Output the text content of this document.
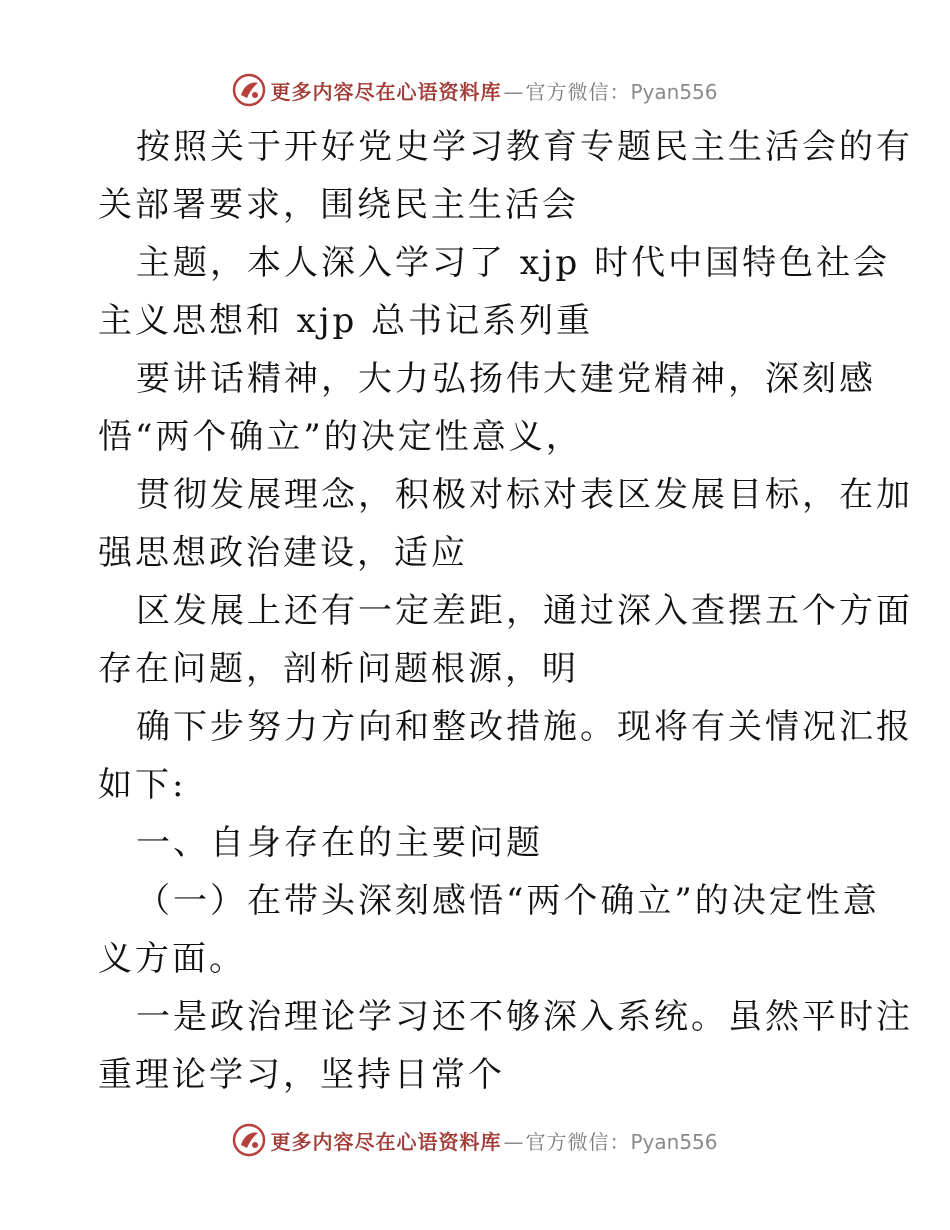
更多内容尽在心语资料库 — 官方微信： Pyan556
按照关于开好党史学习教育专题民主生活会的有
关部署要求，围绕民主生活会
主题，本人深入学习了 xjp 时代中国特色社会
主义思想和 xjp 总书记系列重
要讲话精神，大力弘扬伟大建党精神，深刻感
悟“两个确立”的决定性意义，
贯彻发展理念，积极对标对表区发展目标，在加
强思想政治建设，适应
区发展上还有一定差距，通过深入查摆五个方面
存在问题，剖析问题根源，明
确下步努力方向和整改措施。现将有关情况汇报
如下:
一、自身存在的主要问题
（一）在带头深刻感悟“两个确立”的决定性意
义方面。
一是政治理论学习还不够深入系统。虽然平时注
重理论学习，坚持日常个
更多内容尽在心语资料库 — 官方微信： Pyan556
